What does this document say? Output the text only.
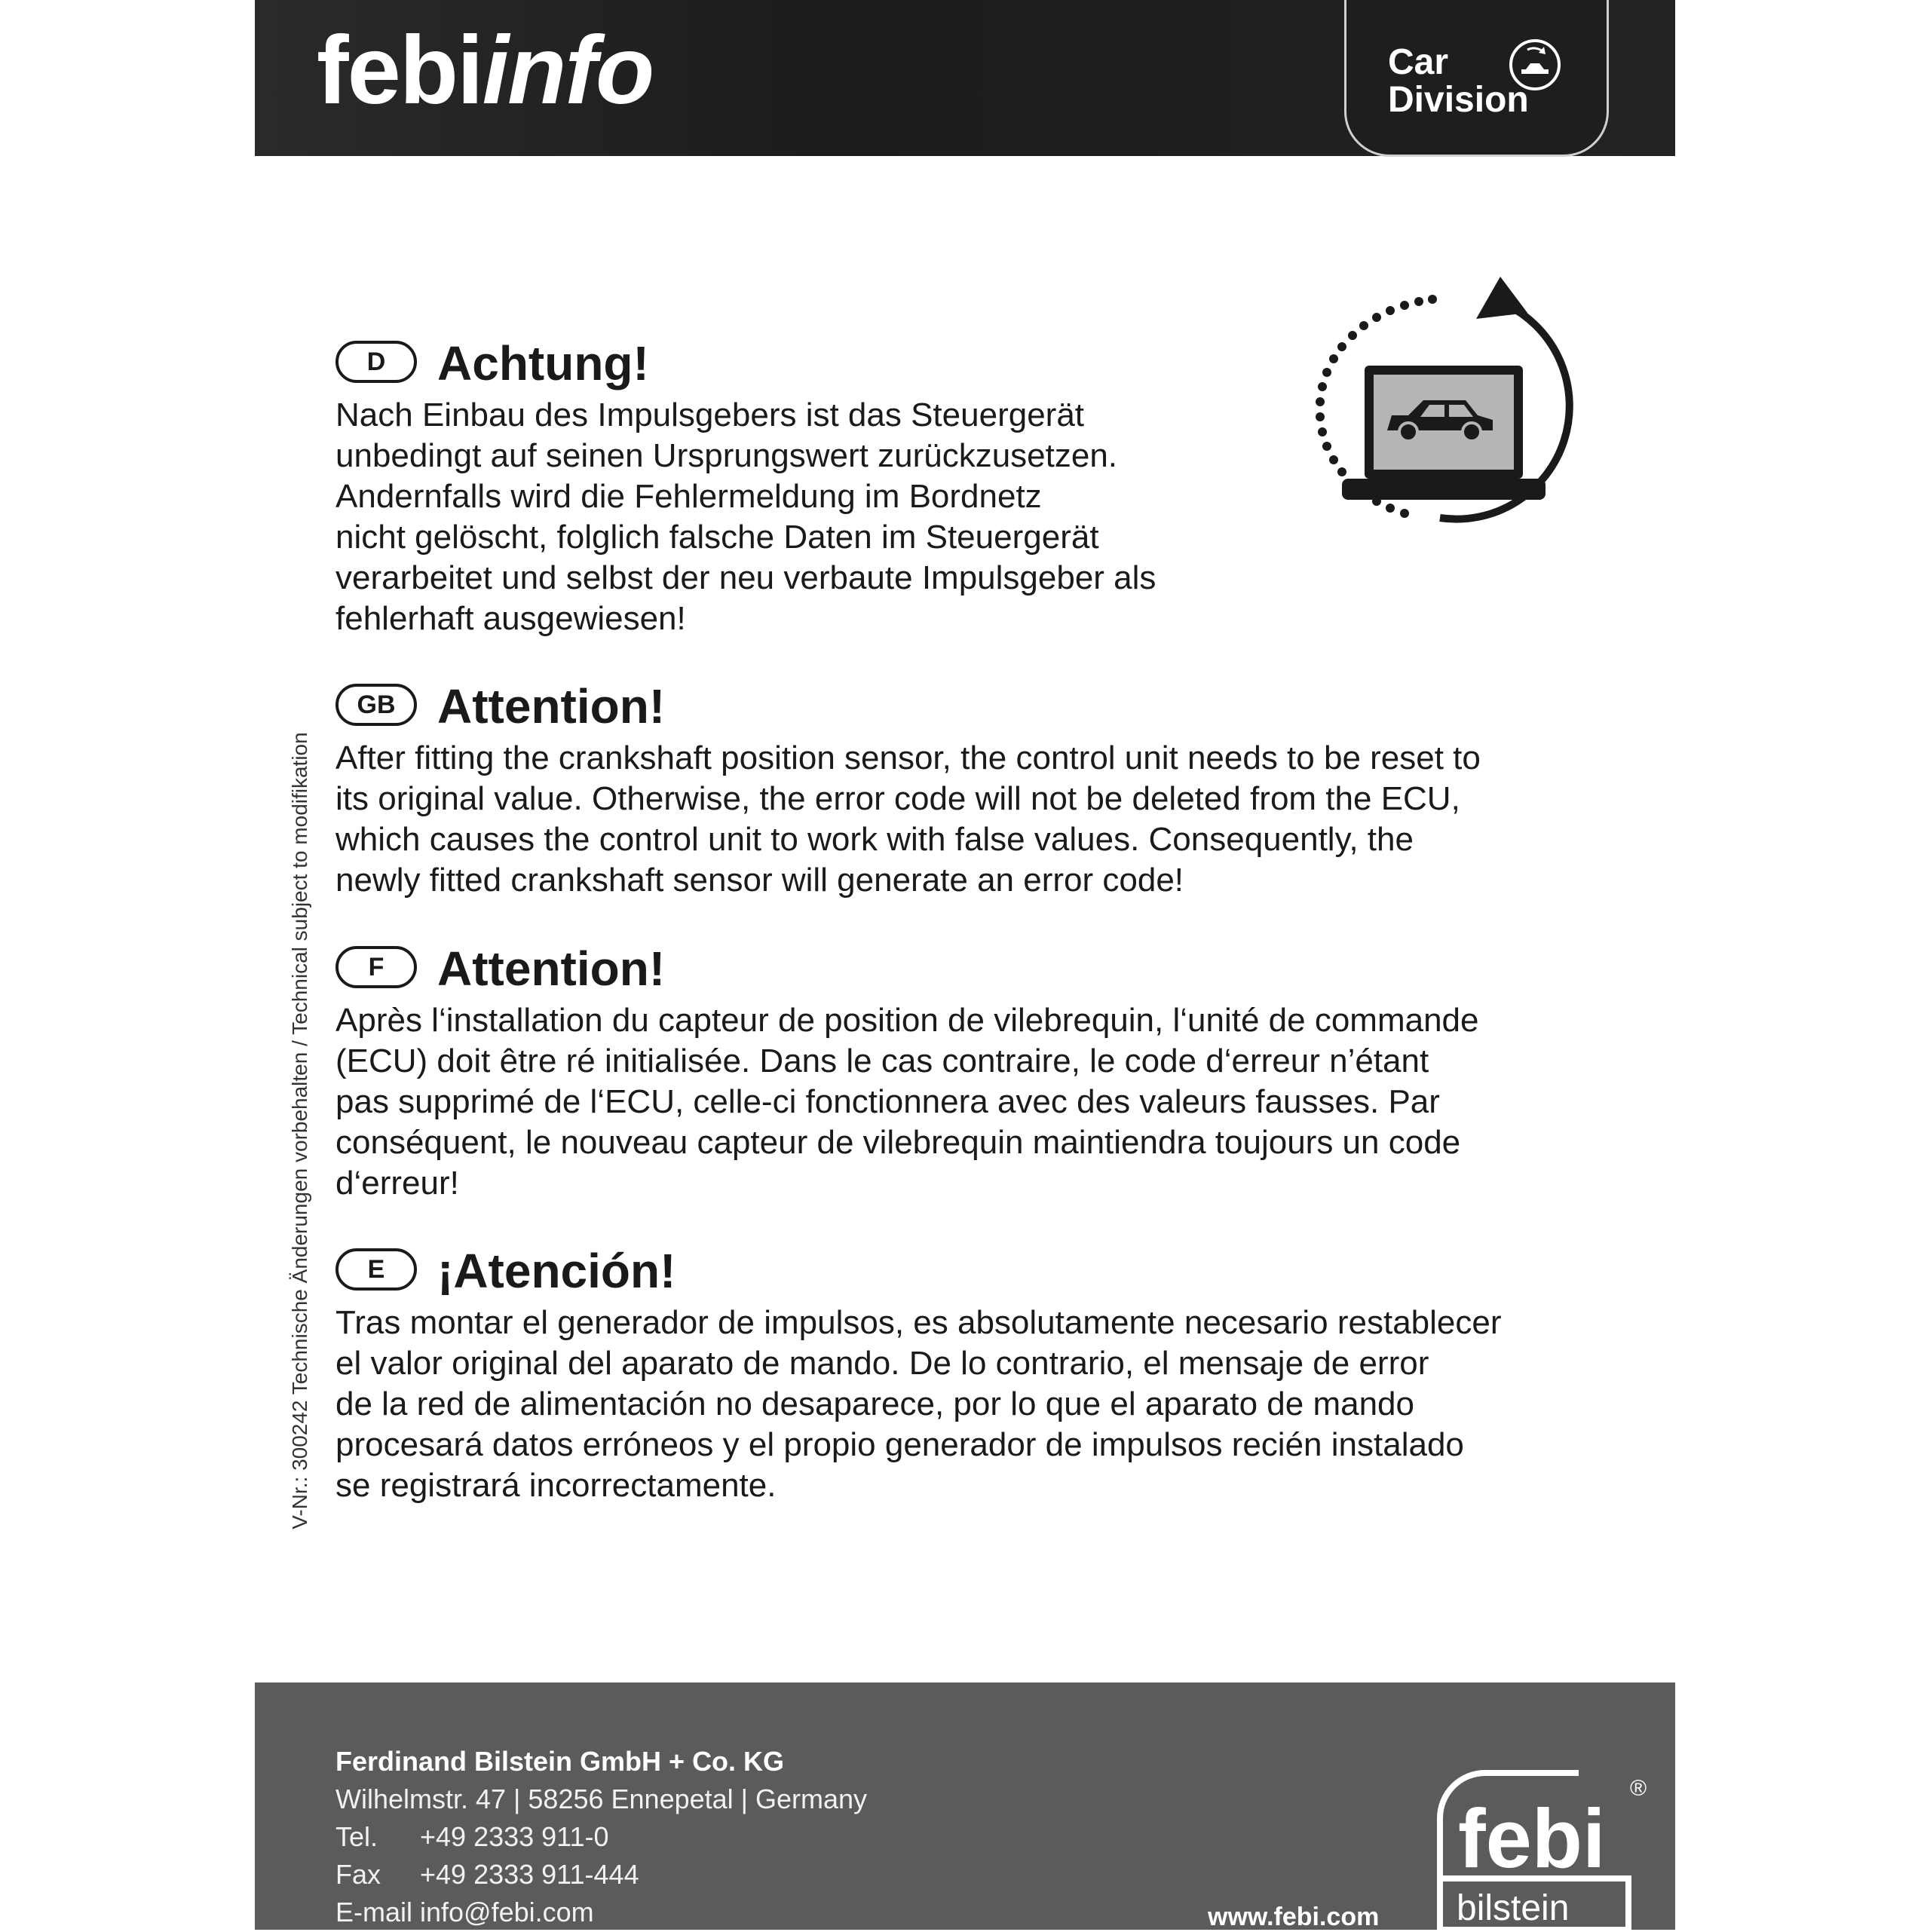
febiinfo	Car
Division
D	Achtung!

Nach Einbau des Impulsgebers ist das Steuergerät
unbedingt auf seinen Ursprungswert zurückzusetzen.
Andernfalls wird die Fehlermeldung im Bordnetz
nicht gelöscht, folglich falsche Daten im Steuergerät
verarbeitet und selbst der neu verbaute Impulsgeber als
fehlerhaft ausgewiesen!

GB Attention!

After fitting the crankshaft position sensor, the control unit needs to be reset to
its original value. Otherwise, the error code will not be deleted from the ECU,
which causes the control unit to work with false values. Consequently, the
newly fitted crankshaft sensor will generate an error code!

F	Attention!

Après l‘installation du capteur de position de vilebrequin, l‘unité de commande
(ECU) doit être ré initialisée. Dans le cas contraire, le code d‘erreur n’étant
pas supprimé de l‘ECU, celle-ci fonctionnera avec des valeurs fausses. Par
conséquent, le nouveau capteur de vilebrequin maintiendra toujours un code
d‘erreur!

E	¡Atención!

Tras montar el generador de impulsos, es absolutamente necesario restablecer
el valor original del aparato de mando. De lo contrario, el mensaje de error
de la red de alimentación no desaparece, por lo que el aparato de mando
procesará datos erróneos y el propio generador de impulsos recién instalado
se registrará incorrectamente.

V-Nr.: 300242 Technische Änderungen vorbehalten / Technical subject to modifikation
Ferdinand Bilstein GmbH + Co. KG
Wilhelmstr. 47 | 58256 Ennepetal | Germany
Tel. +49 2333 911-0
Fax +49 2333 911-444
E-mail info@febi.com	www.febi.com
febi
bilstein
®
